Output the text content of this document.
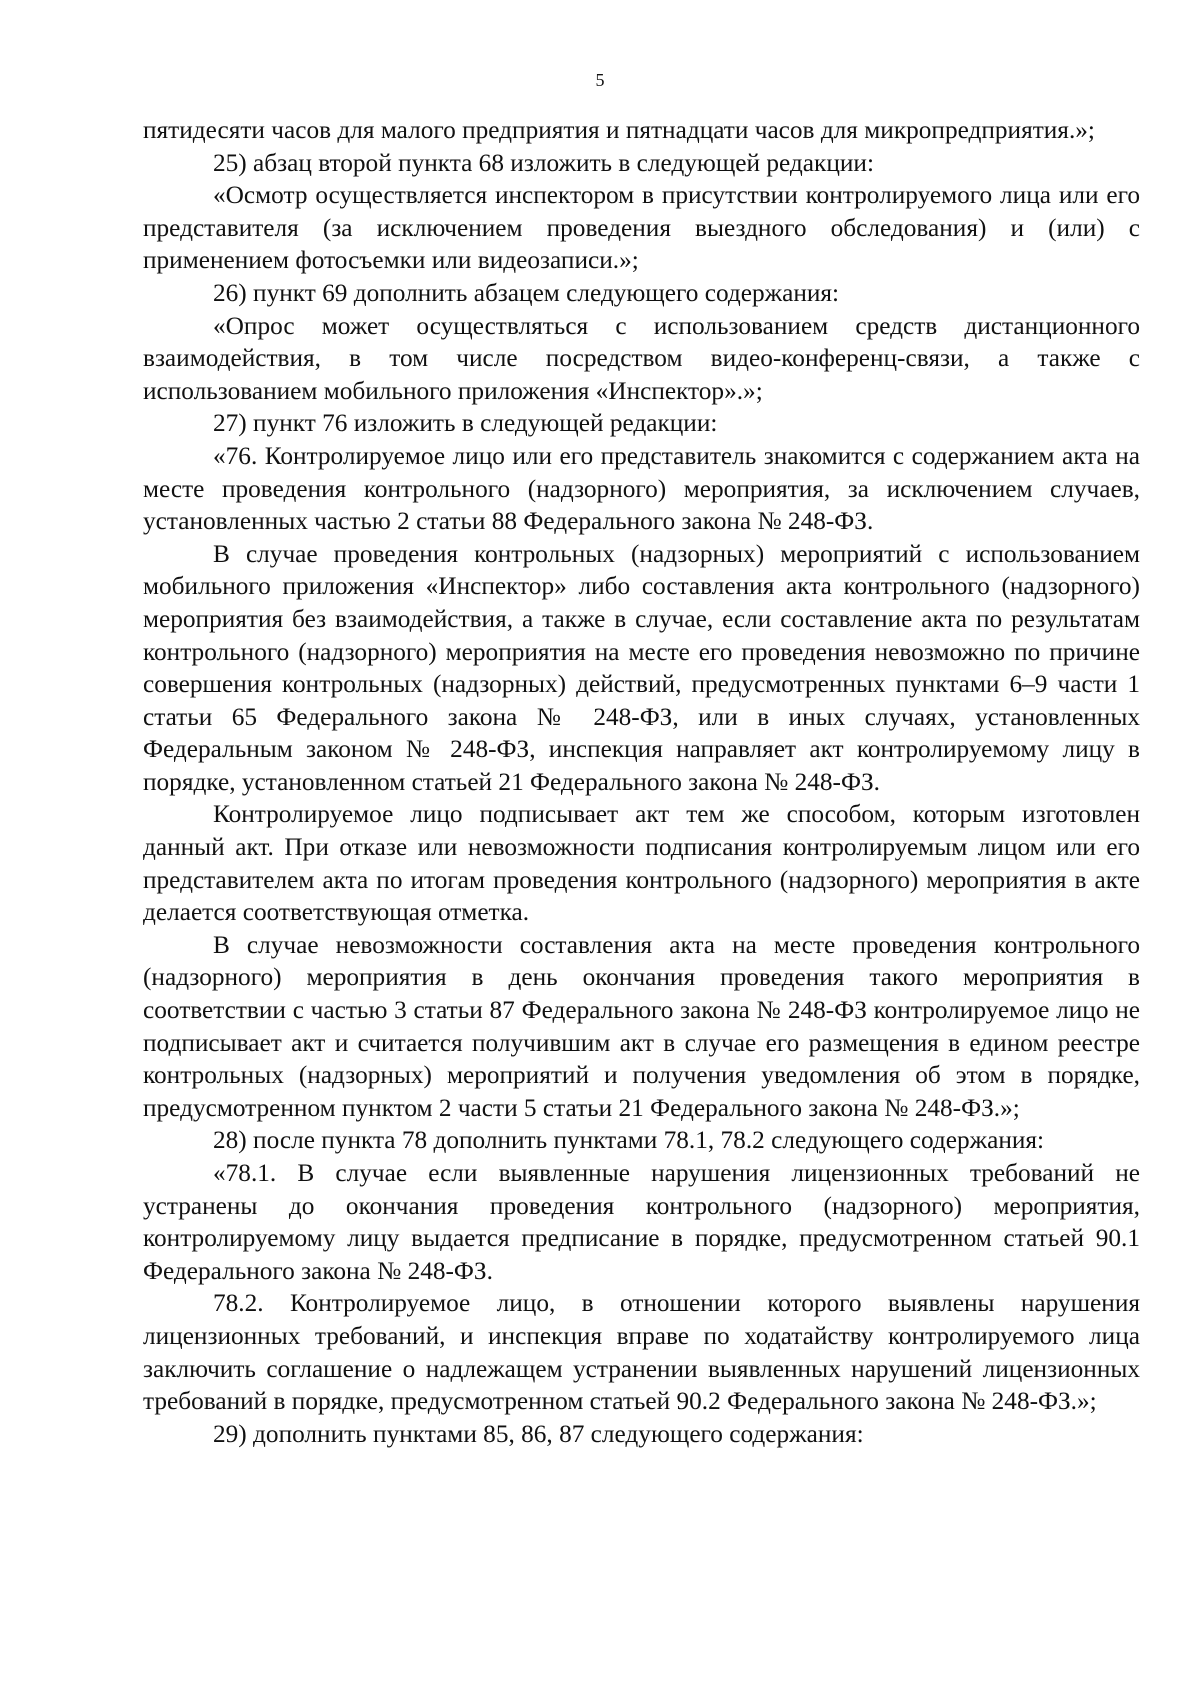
5

пятидесяти часов для малого предприятия и пятнадцати часов для микропредприятия.»;

25) абзац второй пункта 68 изложить в следующей редакции:

«Осмотр осуществляется инспектором в присутствии контролируемого лица или его представителя (за исключением проведения выездного обследования) и (или) с применением фотосъемки или видеозаписи.»;

26) пункт 69 дополнить абзацем следующего содержания:

«Опрос может осуществляться с использованием средств дистанционного взаимодействия, в том числе посредством видео-конференц-связи, а также с использованием мобильного приложения «Инспектор».»;

27) пункт 76 изложить в следующей редакции:

«76. Контролируемое лицо или его представитель знакомится с содержанием акта на месте проведения контрольного (надзорного) мероприятия, за исключением случаев, установленных частью 2 статьи 88 Федерального закона № 248-ФЗ.

В случае проведения контрольных (надзорных) мероприятий с использованием мобильного приложения «Инспектор» либо составления акта контрольного (надзорного) мероприятия без взаимодействия, а также в случае, если составление акта по результатам контрольного (надзорного) мероприятия на месте его проведения невозможно по причине совершения контрольных (надзорных) действий, предусмотренных пунктами 6–9 части 1 статьи 65 Федерального закона № 248-ФЗ, или в иных случаях, установленных Федеральным законом № 248-ФЗ, инспекция направляет акт контролируемому лицу в порядке, установленном статьей 21 Федерального закона № 248-ФЗ.

Контролируемое лицо подписывает акт тем же способом, которым изготовлен данный акт. При отказе или невозможности подписания контролируемым лицом или его представителем акта по итогам проведения контрольного (надзорного) мероприятия в акте делается соответствующая отметка.

В случае невозможности составления акта на месте проведения контрольного (надзорного) мероприятия в день окончания проведения такого мероприятия в соответствии с частью 3 статьи 87 Федерального закона № 248-ФЗ контролируемое лицо не подписывает акт и считается получившим акт в случае его размещения в едином реестре контрольных (надзорных) мероприятий и получения уведомления об этом в порядке, предусмотренном пунктом 2 части 5 статьи 21 Федерального закона № 248-ФЗ.»;

28) после пункта 78 дополнить пунктами 78.1, 78.2 следующего содержания:

«78.1. В случае если выявленные нарушения лицензионных требований не устранены до окончания проведения контрольного (надзорного) мероприятия, контролируемому лицу выдается предписание в порядке, предусмотренном статьей 90.1 Федерального закона № 248-ФЗ.

78.2. Контролируемое лицо, в отношении которого выявлены нарушения лицензионных требований, и инспекция вправе по ходатайству контролируемого лица заключить соглашение о надлежащем устранении выявленных нарушений лицензионных требований в порядке, предусмотренном статьей 90.2 Федерального закона № 248-ФЗ.»;

29) дополнить пунктами 85, 86, 87 следующего содержания:
